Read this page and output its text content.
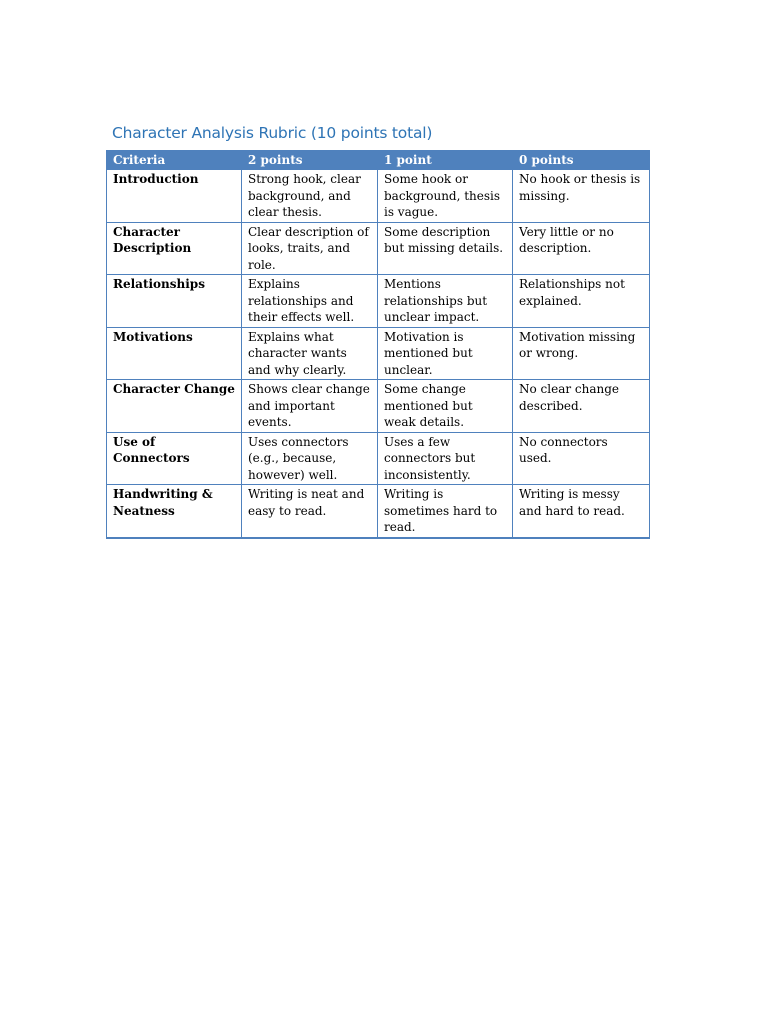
Character Analysis Rubric (10 points total)
Criteria	2 points	1 point	0 points
Introduction	Strong hook, clear background, and clear thesis.	Some hook or background, thesis is vague.	No hook or thesis is missing.
Character Description	Clear description of looks, traits, and role.	Some description but missing details.	Very little or no description.
Relationships	Explains relationships and their effects well.	Mentions relationships but unclear impact.	Relationships not explained.
Motivations	Explains what character wants and why clearly.	Motivation is mentioned but unclear.	Motivation missing or wrong.
Character Change	Shows clear change and important events.	Some change mentioned but weak details.	No clear change described.
Use of Connectors	Uses connectors (e.g., because, however) well.	Uses a few connectors but inconsistently.	No connectors used.
Handwriting & Neatness	Writing is neat and easy to read.	Writing is sometimes hard to read.	Writing is messy and hard to read.
